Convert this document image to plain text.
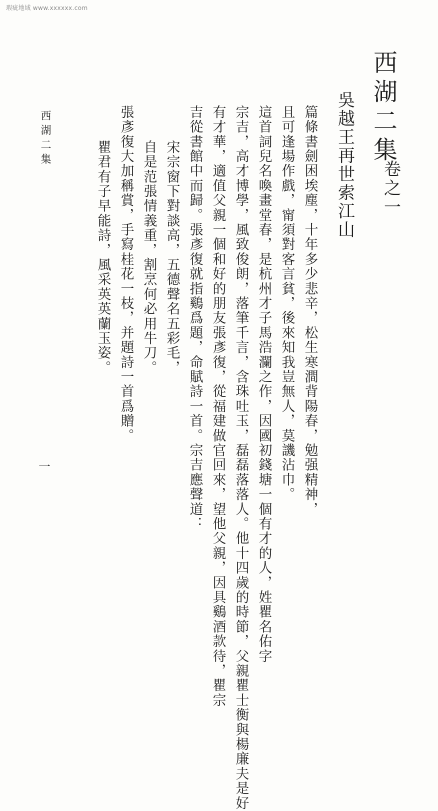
瑕疵地域 www.xxxxxx.com

西湖二集

卷之一

吳越王再世索江山

篇條書劍困埃塵，十年多少悲辛，松生寒澗背陽春，勉强精神，

且可逢場作戲，甯須對客言貧，後來知我豈無人，莫譏沾巾。

這首詞兒名喚畫堂春，是杭州才子馬浩瀾之作，因國初錢塘一個有才的人，姓瞿名佑字

宗吉，高才博學，風致俊朗，落筆千言，含珠吐玉，磊磊落落人。他十四歲的時節，父親瞿士衡與楊廉夫是好

有才華，適值父親一個和好的朋友張彥復，從福建做官回來，望他父親，因具鷄酒款待，瞿宗

吉從書館中而歸。張彥復就指鷄爲題，命賦詩一首。宗吉應聲道：

宋宗窗下對談高，五德聲名五彩毛，

自是范張情義重，割烹何必用牛刀。

張彥復大加稱賞，手寫桂花一枝，并題詩一首爲贈。

瞿君有子早能詩，風采英英蘭玉姿。

西湖二集

一
